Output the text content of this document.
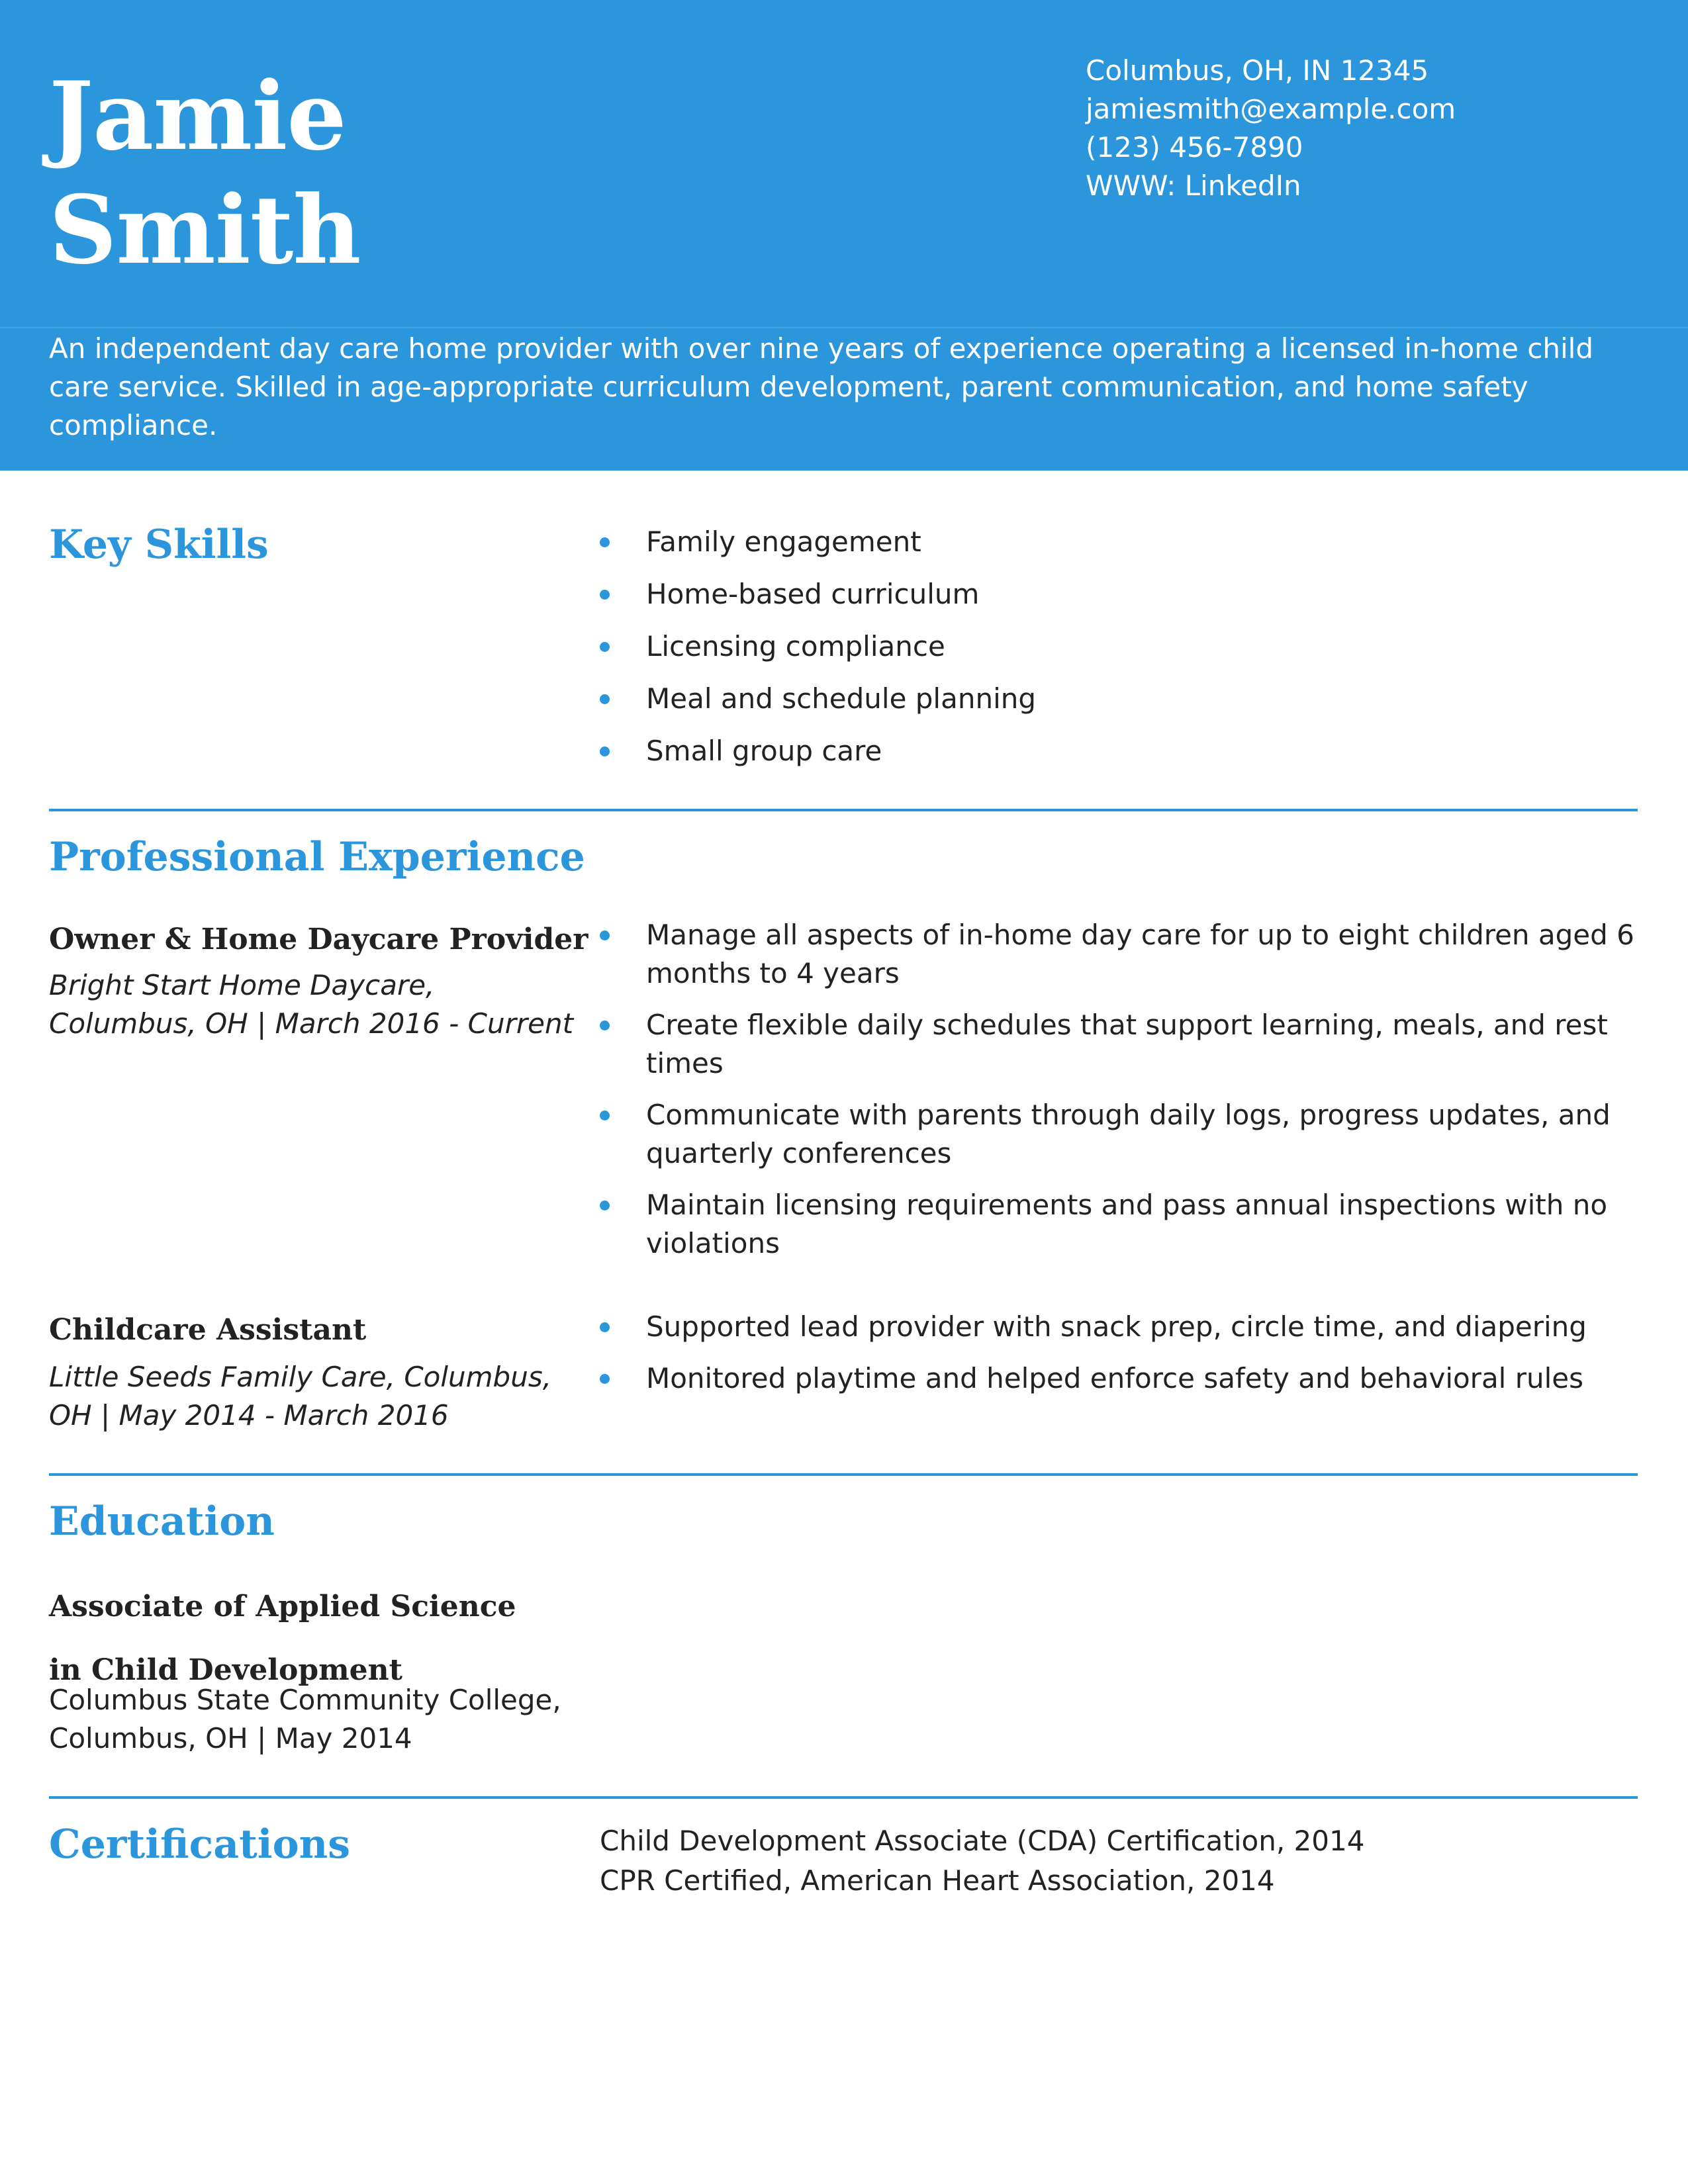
Jamie
Smith
Columbus, OH, IN 12345
jamiesmith@example.com
(123) 456-7890
WWW: LinkedIn
An independent day care home provider with over nine years of experience operating a licensed in-home child care service. Skilled in age-appropriate curriculum development, parent communication, and home safety compliance.
Key Skills	Family engagement
Home-based curriculum
Licensing compliance
Meal and schedule planning
Small group care
Professional Experience
Owner & Home Daycare Provider
Bright Start Home Daycare, Columbus, OH | March 2016 - Current
Manage all aspects of in-home day care for up to eight children aged 6 months to 4 years
Create flexible daily schedules that support learning, meals, and rest times
Communicate with parents through daily logs, progress updates, and quarterly conferences
Maintain licensing requirements and pass annual inspections with no violations
Childcare Assistant
Little Seeds Family Care, Columbus, OH | May 2014 - March 2016
Supported lead provider with snack prep, circle time, and diapering
Monitored playtime and helped enforce safety and behavioral rules
Education
Associate of Applied Science in Child Development
Columbus State Community College, Columbus, OH | May 2014
Certifications	Child Development Associate (CDA) Certification, 2014
CPR Certified, American Heart Association, 2014
